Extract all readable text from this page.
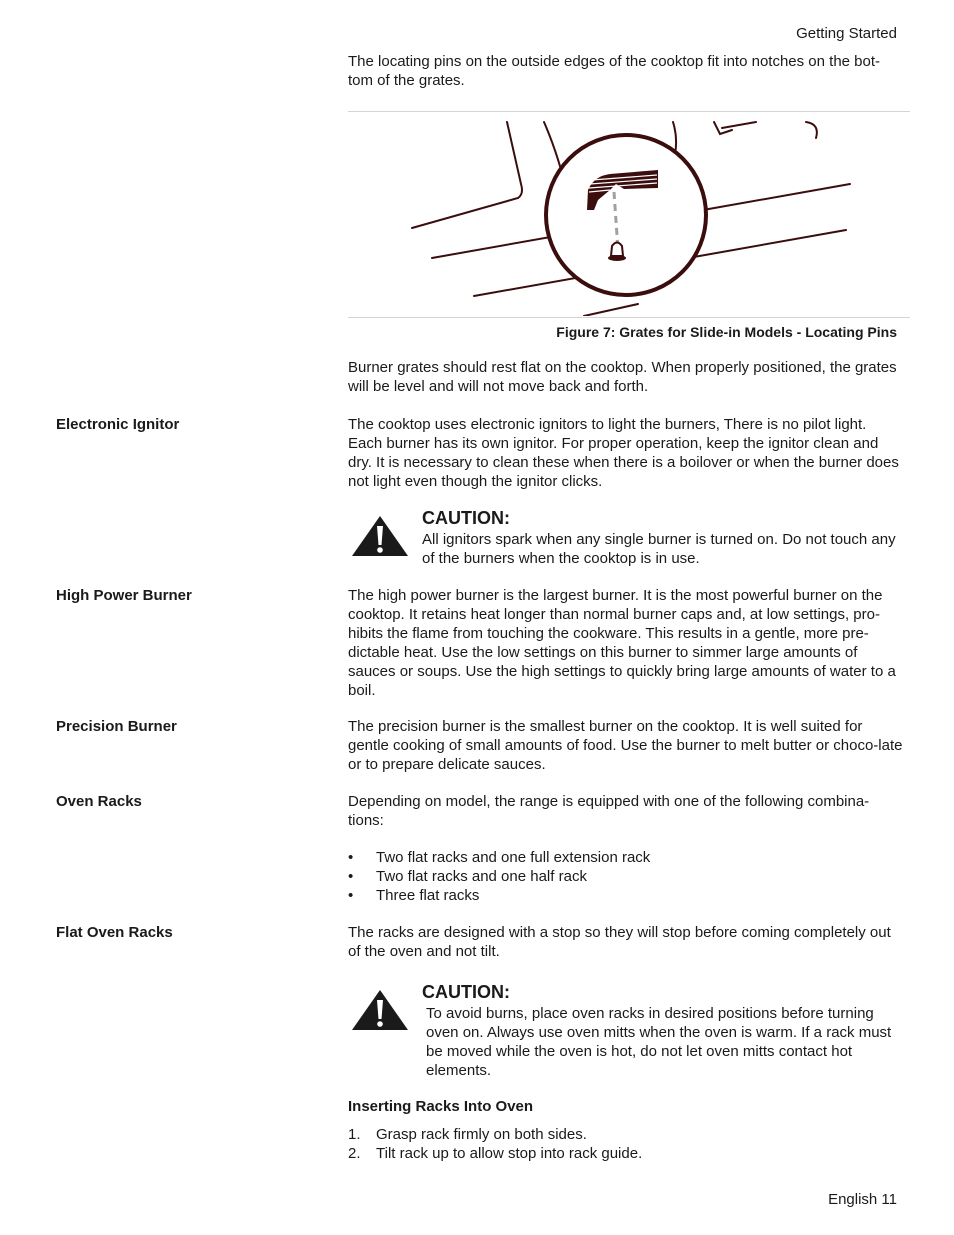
Getting Started

The locating pins on the outside edges of the cooktop fit into notches on the bot-tom of the grates.

Figure 7: Grates for Slide-in Models - Locating Pins

Burner grates should rest flat on the cooktop. When properly positioned, the grates will be level and will not move back and forth.

Electronic Ignitor	The cooktop uses electronic ignitors to light the burners, There is no pilot light. Each burner has its own ignitor. For proper operation, keep the ignitor clean and dry. It is necessary to clean these when there is a boilover or when the burner does not light even though the ignitor clicks.

CAUTION:

All ignitors spark when any single burner is turned on. Do not touch any of the burners when the cooktop is in use.

High Power Burner	The high power burner is the largest burner. It is the most powerful burner on the cooktop. It retains heat longer than normal burner caps and, at low settings, pro-hibits the flame from touching the cookware. This results in a gentle, more pre-dictable heat. Use the low settings on this burner to simmer large amounts of sauces or soups. Use the high settings to quickly bring large amounts of water to a boil.

Precision Burner	The precision burner is the smallest burner on the cooktop. It is well suited for gentle cooking of small amounts of food. Use the burner to melt butter or choco-late or to prepare delicate sauces.

Oven Racks	Depending on model, the range is equipped with one of the following combina-tions:

• Two flat racks and one full extension rack
• Two flat racks and one half rack
• Three flat racks
Flat Oven Racks	The racks are designed with a stop so they will stop before coming completely out of the oven and not tilt.

CAUTION:

To avoid burns, place oven racks in desired positions before turning oven on. Always use oven mitts when the oven is warm. If a rack must be moved while the oven is hot, do not let oven mitts contact hot elements.

Inserting Racks Into Oven
1. Grasp rack firmly on both sides.
2. Tilt rack up to allow stop into rack guide.
English 11
